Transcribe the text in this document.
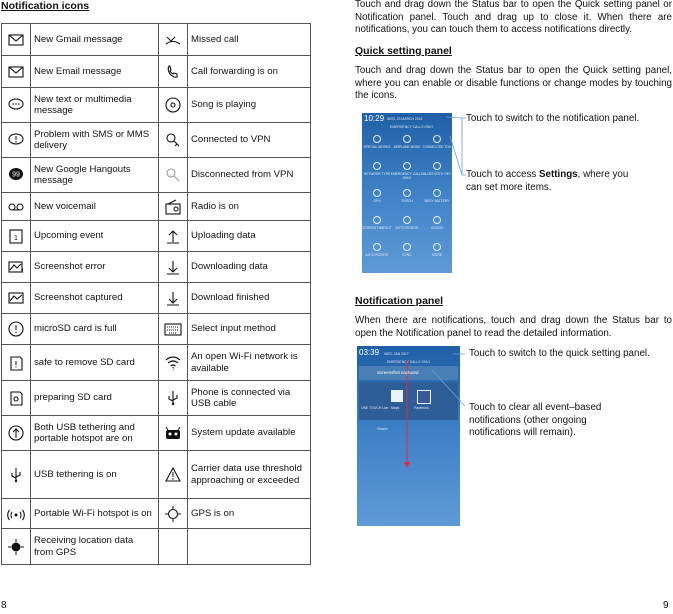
Notification icons
	New Gmail message		Missed call

	New Email message		Call forwarding is on

	New text or multimedia message		Song is playing

	Problem with SMS or MMS delivery		Connected to VPN

99	New Google Hangouts message		Disconnected from VPN

	New voicemail		Radio is on

1	Upcoming event		Uploading data

!	Screenshot error		Downloading data

	Screenshot captured		Download finished

	microSD card is full		Select input method

	safe to remove SD card	?	An open Wi-Fi network is available

	preparing SD card		Phone is connected via USB cable

	Both USB tethering and portable hotspot are on		System update available

	USB tethering is on		Carrier data use threshold approaching or exceeded

	Portable Wi-Fi hotspot is on		GPS is on

	Receiving location data from GPS		
8
Touch and drag down the Status bar to open the Quick setting panel or Notification panel. Touch and drag up to close it. When there are notifications, you can touch them to access notifications directly.
Quick setting panel
Touch and drag down the Status bar to open the Quick setting panel, where you can enable or disable functions or change modes by touching the icons.
10:29 WED, 23 MARCH 2016
EMERGENCY CALLS ONLY
SPECIAL MODES AIRPLANE MODE CONNECTED TOU
NETWORK TYPE EMERGENCY CALLS ONLY
BLUETOOTH OFF
GPS	TORCH	BUSY BATTERY
SCREEN TIMEOUT	AUTO ROTATE	SOUND
AUTO ROTATE	SYNC	MORE
Touch to switch to the notification panel.
Touch to access Settings, where you can set more items.
Notification panel
When there are notifications, touch and drag down the Status bar to open the Notification panel to read the detailed information.
03:39 WED, JAN 2017
EMERGENCY CALLS ONLY
Screenshot captured
ONE TOUCH Live Maps	Facebook
Share
Touch to switch to the quick setting panel.
Touch to clear all event–based notifications (other ongoing notifications will remain).
9
